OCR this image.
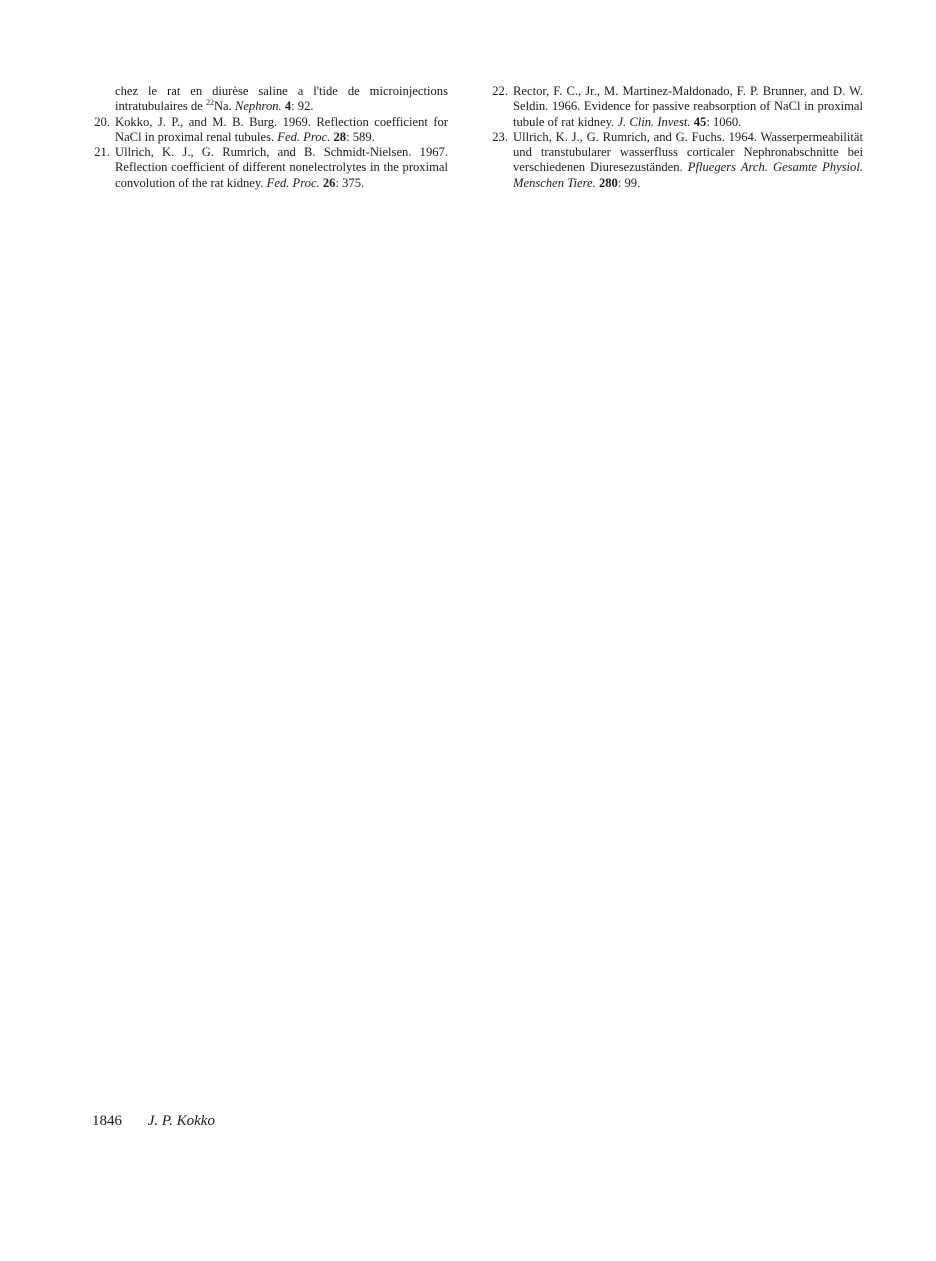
chez le rat en diurèse saline a l'tide de microinjections intratubulaires de $^{22}$Na. Nephron. 4: 92.

20. Kokko, J. P., and M. B. Burg. 1969. Reflection coefficient for NaCl in proximal renal tubules. Fed. Proc. 28: 589.

21. Ullrich, K. J., G. Rumrich, and B. Schmidt-Nielsen. 1967. Reflection coefficient of different nonelectrolytes in the proximal convolution of the rat kidney. Fed. Proc. 26: 375.

22. Rector, F. C., Jr., M. Martinez-Maldonado, F. P. Brunner, and D. W. Seldin. 1966. Evidence for passive reabsorption of NaCl in proximal tubule of rat kidney. J. Clin. Invest. 45: 1060.

23. Ullrich, K. J., G. Rumrich, and G. Fuchs. 1964. Wasserpermeabilität und transtubularer wasserfluss corticaler Nephronabschnitte bei verschiedenen Diuresezuständen. Pfluegers Arch. Gesamte Physiol. Menschen Tiere. 280: 99.

1846 J. P. Kokko
